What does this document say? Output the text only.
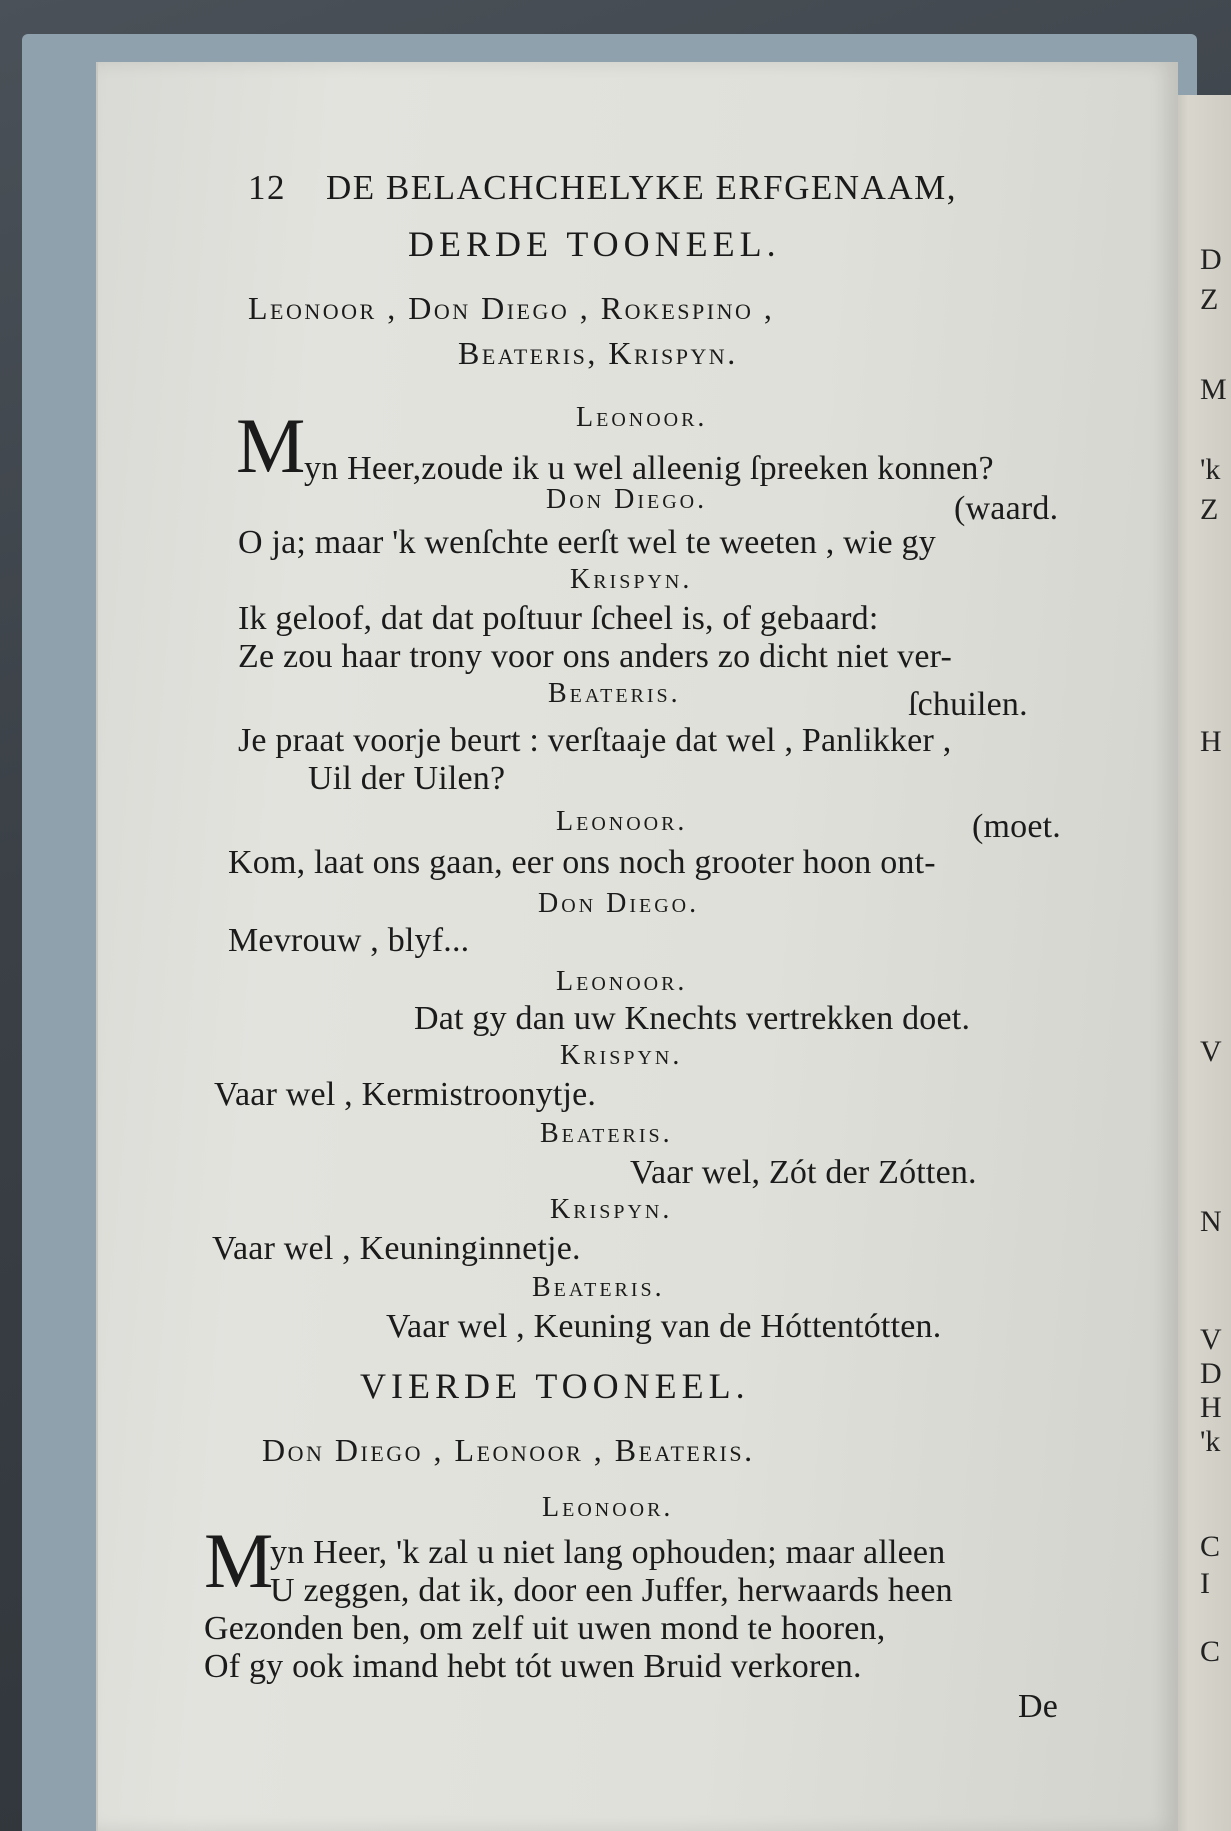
D
Z
M
'k
Z
H
V
N
V
D
H
'k
C
I
C
12 DE BELACHCHELYKE ERFGENAAM,
DERDE TOONEEL.
Leonoor , Don Diego , Rokespino ,
Beateris, Krispyn.
Leonoor.
M
yn Heer,zoude ik u wel alleenig ſpreeken konnen?
Don Diego.	(waard.
O ja; maar 'k wenſchte eerſt wel te weeten , wie gy
Krispyn.
Ik geloof, dat dat poſtuur ſcheel is, of gebaard:
Ze zou haar trony voor ons anders zo dicht niet ver-
Beateris.	ſchuilen.
Je praat voorje beurt : verſtaaje dat wel , Panlikker ,
Uil der Uilen?
Leonoor.	(moet.
Kom, laat ons gaan, eer ons noch grooter hoon ont-
Don Diego.
Mevrouw , blyf...
Leonoor.
Dat gy dan uw Knechts vertrekken doet.
Krispyn.
Vaar wel , Kermistroonytje.
Beateris.
Vaar wel, Zót der Zótten.
Krispyn.
Vaar wel , Keuninginnetje.
Beateris.
Vaar wel , Keuning van de Hóttentótten.
VIERDE TOONEEL.
Don Diego , Leonoor , Beateris.
Leonoor.
M
yn Heer, 'k zal u niet lang ophouden; maar alleen
U zeggen, dat ik, door een Juffer, herwaards heen
Gezonden ben, om zelf uit uwen mond te hooren,
Of gy ook imand hebt tót uwen Bruid verkoren.
De
